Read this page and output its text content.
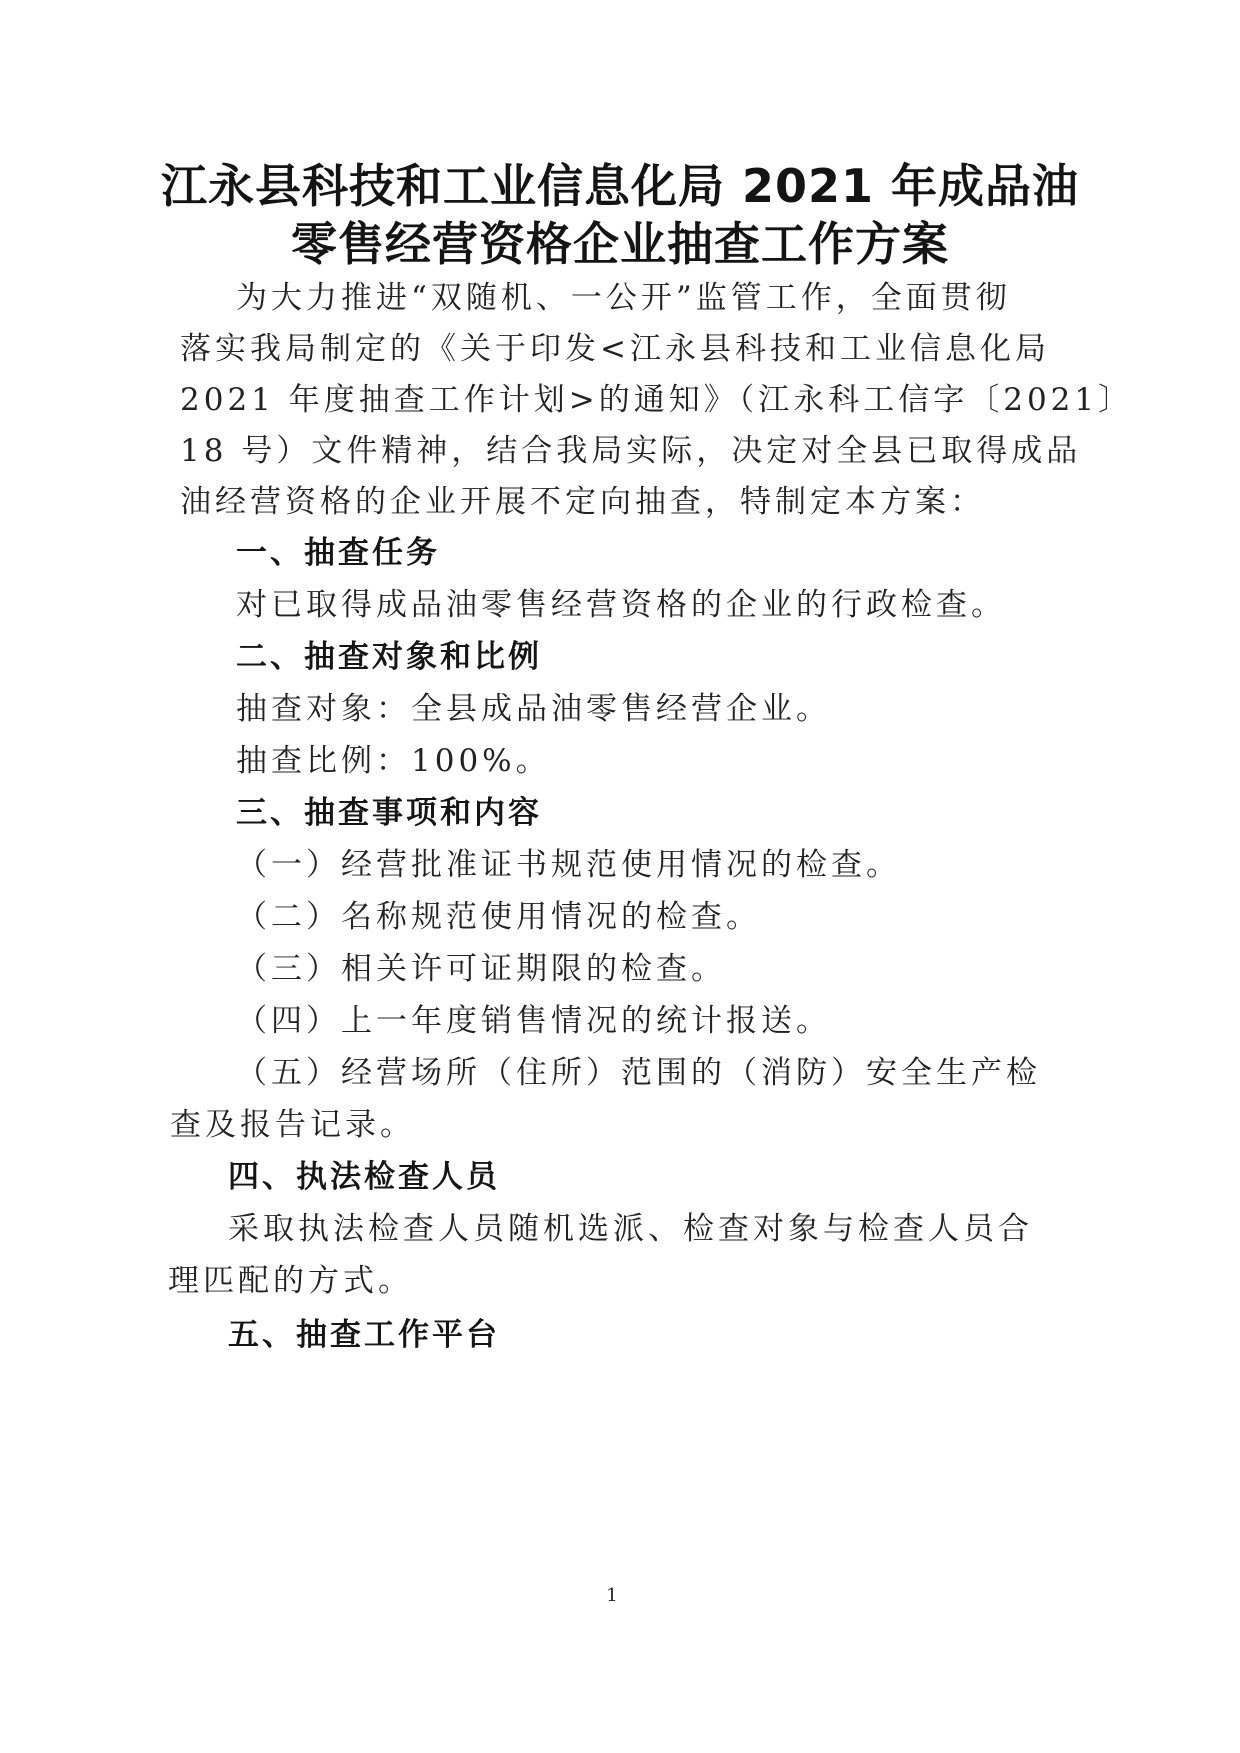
江永县科技和工业信息化局 2021 年成品油
零售经营资格企业抽查工作方案
为大力推进“双随机、一公开”监管工作，全面贯彻
落实我局制定的《关于印发<江永县科技和工业信息化局
2021 年度抽查工作计划>的通知》（江永科工信字〔2021〕
18 号）文件精神，结合我局实际，决定对全县已取得成品
油经营资格的企业开展不定向抽查，特制定本方案：
一、抽查任务
对已取得成品油零售经营资格的企业的行政检查。
二、抽查对象和比例
抽查对象：全县成品油零售经营企业。
抽查比例：100%。
三、抽查事项和内容
（一）经营批准证书规范使用情况的检查。
（二）名称规范使用情况的检查。
（三）相关许可证期限的检查。
（四）上一年度销售情况的统计报送。
（五）经营场所（住所）范围的（消防）安全生产检
查及报告记录。
四、执法检查人员
采取执法检查人员随机选派、检查对象与检查人员合
理匹配的方式。
五、抽查工作平台
1
